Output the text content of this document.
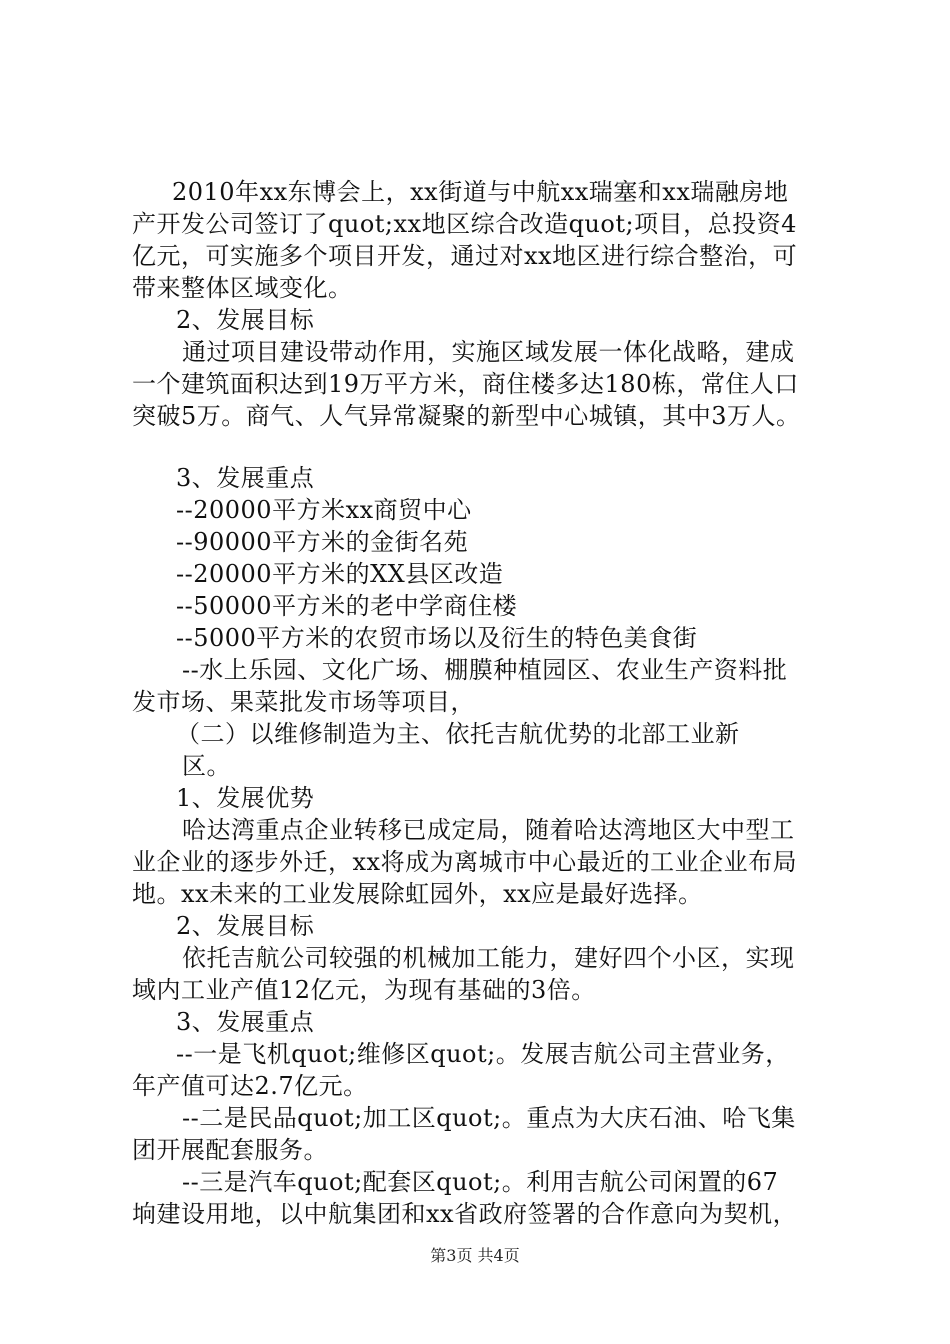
2010年xx东博会上，xx街道与中航xx瑞塞和xx瑞融房地
产开发公司签订了quot;xx地区综合改造quot;项目，总投资4
亿元，可实施多个项目开发，通过对xx地区进行综合整治，可
带来整体区域变化。
2、发展目标
通过项目建设带动作用，实施区域发展一体化战略，建成
一个建筑面积达到19万平方米，商住楼多达180栋，常住人口
突破5万。商气、人气异常凝聚的新型中心城镇，其中3万人。
3、发展重点
--20000平方米xx商贸中心
--90000平方米的金街名苑
--20000平方米的XX县区改造
--50000平方米的老中学商住楼
--5000平方米的农贸市场以及衍生的特色美食街
--水上乐园、文化广场、棚膜种植园区、农业生产资料批
发市场、果菜批发市场等项目，
（二）以维修制造为主、依托吉航优势的北部工业新
区。
1、发展优势
哈达湾重点企业转移已成定局，随着哈达湾地区大中型工
业企业的逐步外迁，xx将成为离城市中心最近的工业企业布局
地。xx未来的工业发展除虹园外，xx应是最好选择。
2、发展目标
依托吉航公司较强的机械加工能力，建好四个小区，实现
域内工业产值12亿元，为现有基础的3倍。
3、发展重点
--一是飞机quot;维修区quot;。发展吉航公司主营业务，
年产值可达2.7亿元。
--二是民品quot;加工区quot;。重点为大庆石油、哈飞集
团开展配套服务。
--三是汽车quot;配套区quot;。利用吉航公司闲置的67
垧建设用地，以中航集团和xx省政府签署的合作意向为契机，
第3页 共4页
